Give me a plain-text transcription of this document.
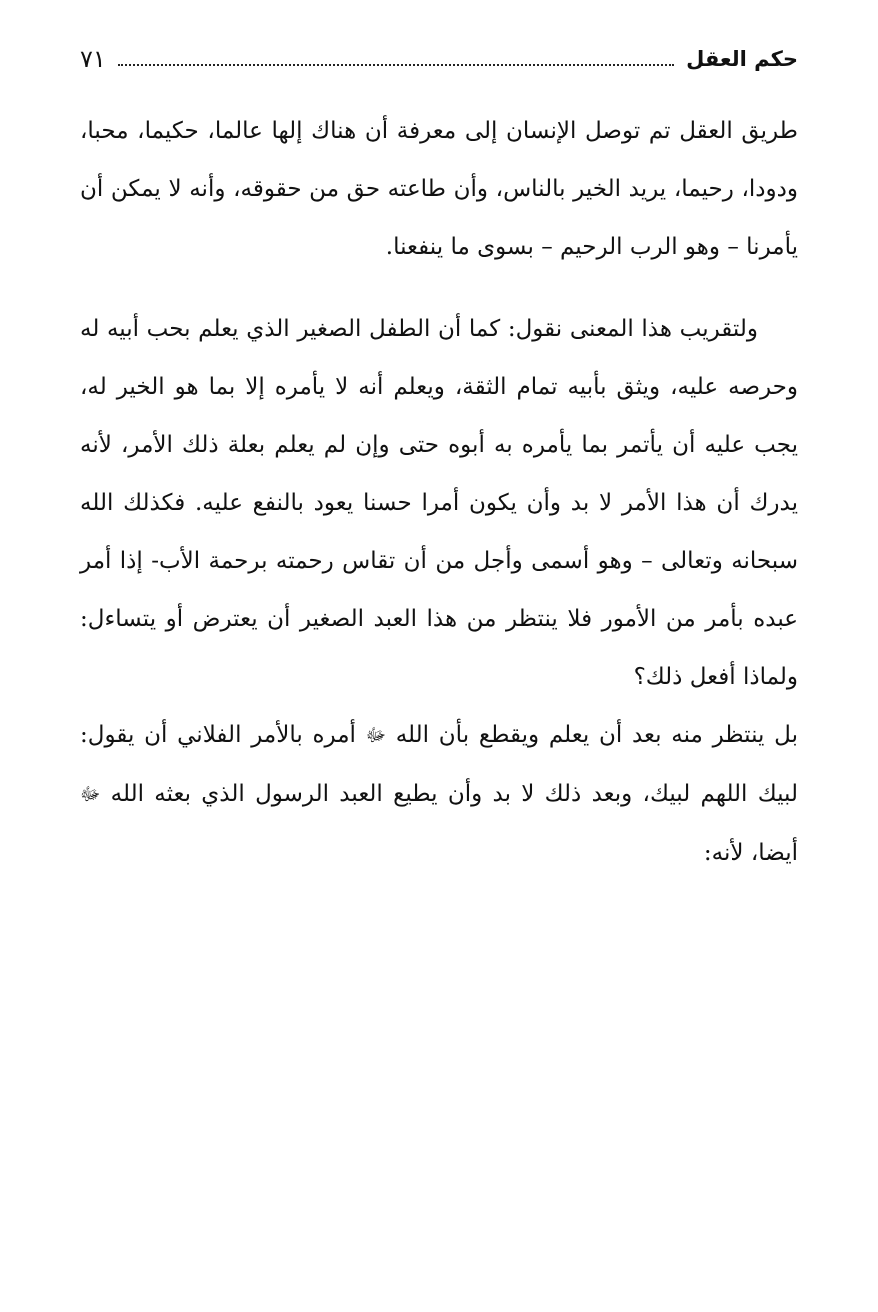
حكم العقل
٧١

طريق العقل تم توصل الإنسان إلى معرفة أن هناك إلها عالما، حكيما، محبا، ودودا، رحيما، يريد الخير بالناس، وأن طاعته حق من حقوقه، وأنه لا يمكن أن يأمرنا – وهو الرب الرحيم – بسوى ما ينفعنا.

ولتقريب هذا المعنى نقول: كما أن الطفل الصغير الذي يعلم بحب أبيه له وحرصه عليه، ويثق بأبيه تمام الثقة، ويعلم أنه لا يأمره إلا بما هو الخير له، يجب عليه أن يأتمر بما يأمره به أبوه حتى وإن لم يعلم بعلة ذلك الأمر، لأنه يدرك أن هذا الأمر لا بد وأن يكون أمرا حسنا يعود بالنفع عليه. فكذلك الله سبحانه وتعالى – وهو أسمى وأجل من أن تقاس رحمته برحمة الأب- إذا أمر عبده بأمر من الأمور فلا ينتظر من هذا العبد الصغير أن يعترض أو يتساءل: ولماذا أفعل ذلك؟

بل ينتظر منه بعد أن يعلم ويقطع بأن الله ﷻ أمره بالأمر الفلاني أن يقول: لبيك اللهم لبيك، وبعد ذلك لا بد وأن يطيع العبد الرسول الذي بعثه الله ﷻ أيضا، لأنه:
